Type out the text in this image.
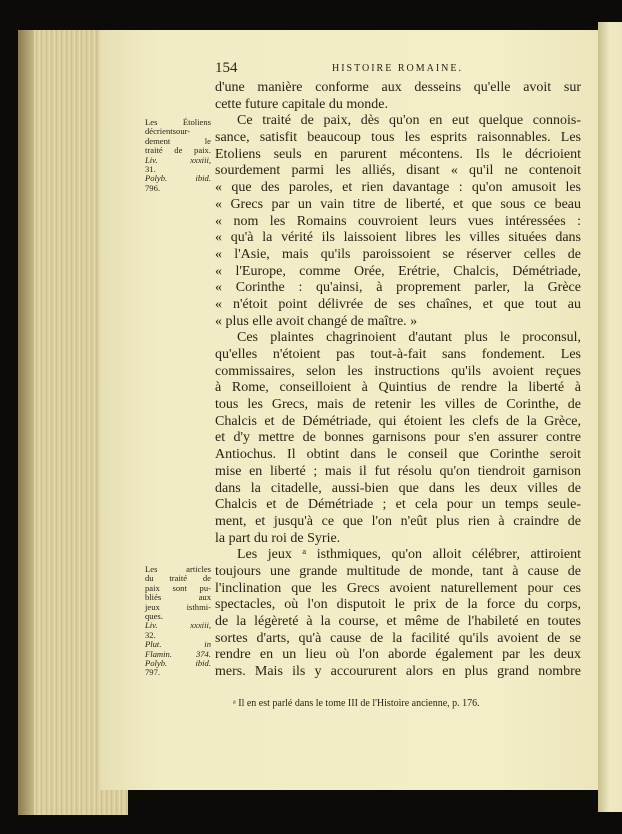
154	HISTOIRE ROMAINE.
d'une manière conforme aux desseins qu'elle avoit sur
cette future capitale du monde.
Ce traité de paix, dès qu'on en eut quelque connois-
sance, satisfit beaucoup tous les esprits raisonnables. Les
Etoliens seuls en parurent mécontens. Ils le décrioient
sourdement parmi les alliés, disant « qu'il ne contenoit
« que des paroles, et rien davantage : qu'on amusoit les
« Grecs par un vain titre de liberté, et que sous ce beau
« nom les Romains couvroient leurs vues intéressées :
« qu'à la vérité ils laissoient libres les villes situées dans
« l'Asie, mais qu'ils paroissoient se réserver celles de
« l'Europe, comme Orée, Erétrie, Chalcis, Démétriade,
« Corinthe : qu'ainsi, à proprement parler, la Grèce
« n'étoit point délivrée de ses chaînes, et que tout au
« plus elle avoit changé de maître. »
Ces plaintes chagrinoient d'autant plus le proconsul,
qu'elles n'étoient pas tout-à-fait sans fondement. Les
commissaires, selon les instructions qu'ils avoient reçues
à Rome, conseilloient à Quintius de rendre la liberté à
tous les Grecs, mais de retenir les villes de Corinthe, de
Chalcis et de Démétriade, qui étoient les clefs de la Grèce,
et d'y mettre de bonnes garnisons pour s'en assurer contre
Antiochus. Il obtint dans le conseil que Corinthe seroit
mise en liberté ; mais il fut résolu qu'on tiendroit garnison
dans la citadelle, aussi-bien que dans les deux villes de
Chalcis et de Démétriade ; et cela pour un temps seule-
ment, et jusqu'à ce que l'on n'eût plus rien à craindre de
la part du roi de Syrie.
Les jeux ᵃ isthmiques, qu'on alloit célébrer, attiroient
toujours une grande multitude de monde, tant à cause de
l'inclination que les Grecs avoient naturellement pour ces
spectacles, où l'on disputoit le prix de la force du corps,
de la légèreté à la course, et même de l'habileté en toutes
sortes d'arts, qu'à cause de la facilité qu'ils avoient de se
rendre en un lieu où l'on aborde également par les deux
mers. Mais ils y accoururent alors en plus grand nombre
Les Étoliens
décrientsour-
dement le
traité de paix.
Liv. xxxiii,
31.
Polyb. ibid.
796.
Les articles
du traité de
paix sont pu-
bliés aux
jeux isthmi-
ques.
Liv. xxxiii,
32.
Plut. in
Flamin. 374.
Polyb. ibid.
797.
ᵃ Il en est parlé dans le tome III de l'Histoire ancienne, p. 176.
